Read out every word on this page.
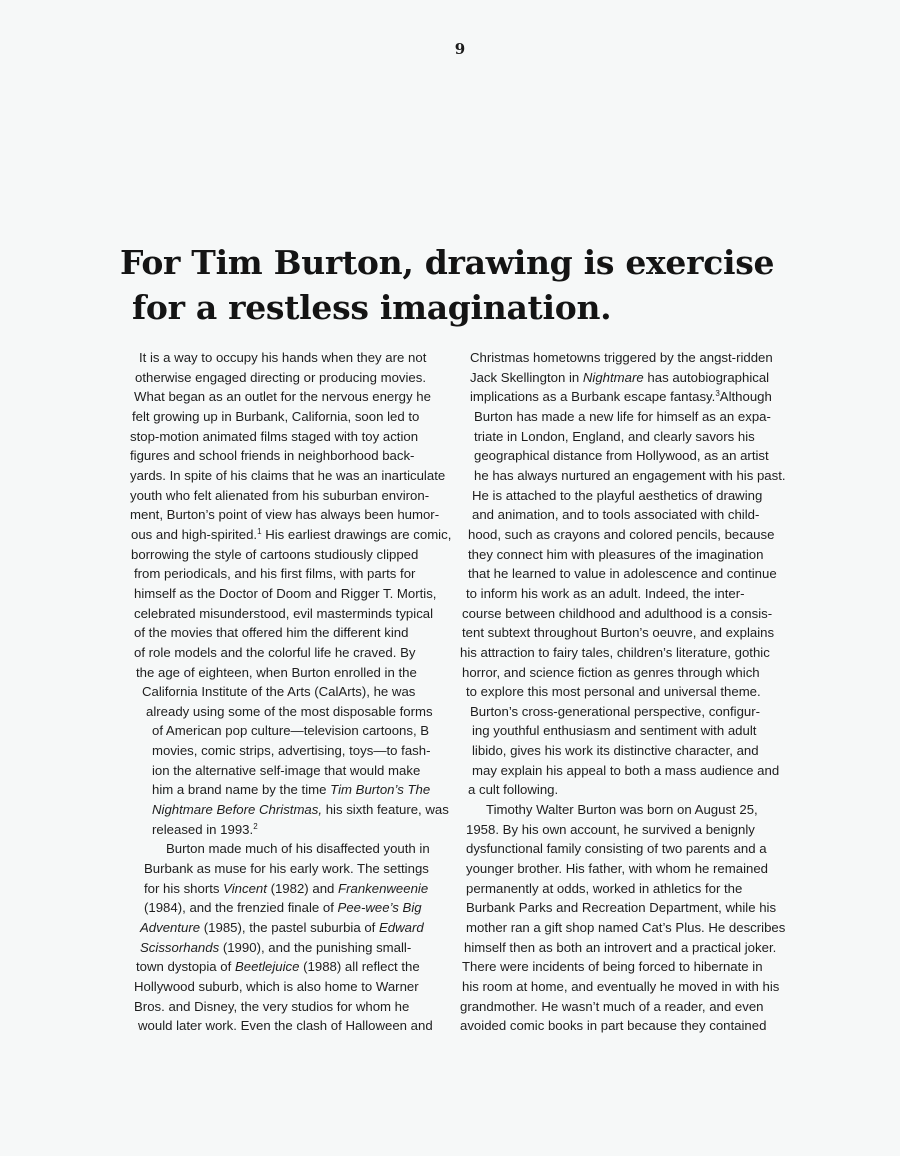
9
For Tim Burton, drawing is exercise
for a restless imagination.
It is a way to occupy his hands when they are not
otherwise engaged directing or producing movies.
What began as an outlet for the nervous energy he
felt growing up in Burbank, California, soon led to
stop-motion animated films staged with toy action
figures and school friends in neighborhood back-
yards. In spite of his claims that he was an inarticulate
youth who felt alienated from his suburban environ-
ment, Burton’s point of view has always been humor-
ous and high-spirited.$^1$ His earliest drawings are comic,
borrowing the style of cartoons studiously clipped
from periodicals, and his first films, with parts for
himself as the Doctor of Doom and Rigger T. Mortis,
celebrated misunderstood, evil masterminds typical
of the movies that offered him the different kind
of role models and the colorful life he craved. By
the age of eighteen, when Burton enrolled in the
California Institute of the Arts (CalArts), he was
already using some of the most disposable forms
of American pop culture—television cartoons, B
movies, comic strips, advertising, toys—to fash-
ion the alternative self-image that would make
him a brand name by the time Tim Burton’s The
Nightmare Before Christmas, his sixth feature, was
released in 1993.$^2$
Burton made much of his disaffected youth in
Burbank as muse for his early work. The settings
for his shorts Vincent (1982) and Frankenweenie
(1984), and the frenzied finale of Pee-wee’s Big
Adventure (1985), the pastel suburbia of Edward
Scissorhands (1990), and the punishing small-
town dystopia of Beetlejuice (1988) all reflect the
Hollywood suburb, which is also home to Warner
Bros. and Disney, the very studios for whom he
would later work. Even the clash of Halloween and
Christmas hometowns triggered by the angst-ridden
Jack Skellington in Nightmare has autobiographical
implications as a Burbank escape fantasy.$^3$Although
Burton has made a new life for himself as an expa-
triate in London, England, and clearly savors his
geographical distance from Hollywood, as an artist
he has always nurtured an engagement with his past.
He is attached to the playful aesthetics of drawing
and animation, and to tools associated with child-
hood, such as crayons and colored pencils, because
they connect him with pleasures of the imagination
that he learned to value in adolescence and continue
to inform his work as an adult. Indeed, the inter-
course between childhood and adulthood is a consis-
tent subtext throughout Burton’s oeuvre, and explains
his attraction to fairy tales, children’s literature, gothic
horror, and science fiction as genres through which
to explore this most personal and universal theme.
Burton’s cross-generational perspective, configur-
ing youthful enthusiasm and sentiment with adult
libido, gives his work its distinctive character, and
may explain his appeal to both a mass audience and
a cult following.
Timothy Walter Burton was born on August 25,
1958. By his own account, he survived a benignly
dysfunctional family consisting of two parents and a
younger brother. His father, with whom he remained
permanently at odds, worked in athletics for the
Burbank Parks and Recreation Department, while his
mother ran a gift shop named Cat’s Plus. He describes
himself then as both an introvert and a practical joker.
There were incidents of being forced to hibernate in
his room at home, and eventually he moved in with his
grandmother. He wasn’t much of a reader, and even
avoided comic books in part because they contained
